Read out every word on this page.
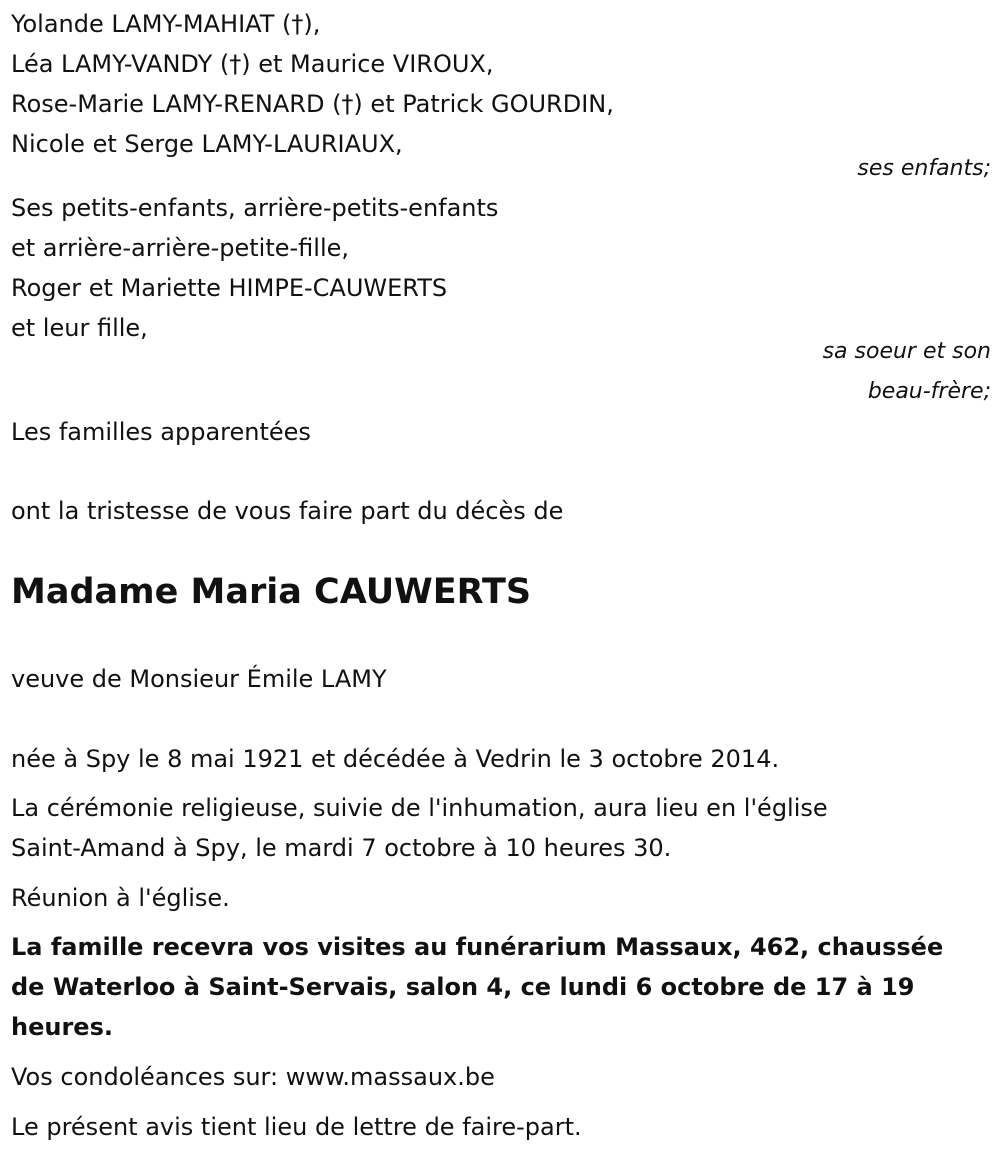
Yolande LAMY-MAHIAT (†),
Léa LAMY-VANDY (†) et Maurice VIROUX,
Rose-Marie LAMY-RENARD (†) et Patrick GOURDIN,
Nicole et Serge LAMY-LAURIAUX,
ses enfants;
Ses petits-enfants, arrière-petits-enfants
et arrière-arrière-petite-fille,
Roger et Mariette HIMPE-CAUWERTS
et leur fille,
sa soeur et son
beau-frère;
Les familles apparentées
ont la tristesse de vous faire part du décès de
Madame Maria CAUWERTS
veuve de Monsieur Émile LAMY
née à Spy le 8 mai 1921 et décédée à Vedrin le 3 octobre 2014.
La cérémonie religieuse, suivie de l'inhumation, aura lieu en l'église
Saint-Amand à Spy, le mardi 7 octobre à 10 heures 30.
Réunion à l'église.
La famille recevra vos visites au funérarium Massaux, 462, chaussée
de Waterloo à Saint-Servais, salon 4, ce lundi 6 octobre de 17 à 19
heures.
Vos condoléances sur: www.massaux.be
Le présent avis tient lieu de lettre de faire-part.
